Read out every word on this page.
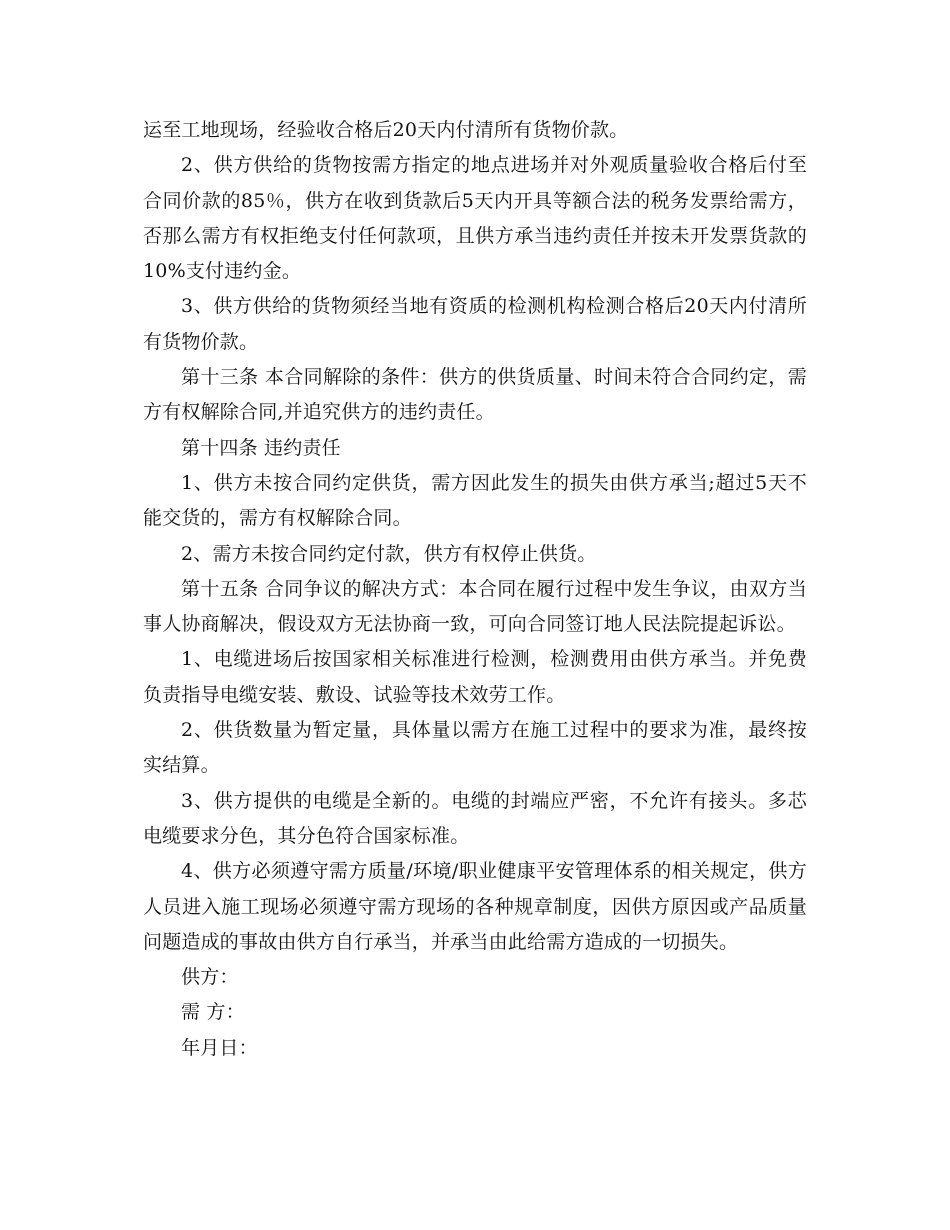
运至工地现场，经验收合格后20天内付清所有货物价款。

2、供方供给的货物按需方指定的地点进场并对外观质量验收合格后付至合同价款的85％，供方在收到货款后5天内开具等额合法的税务发票给需方，否那么需方有权拒绝支付任何款项，且供方承当违约责任并按未开发票货款的10%支付违约金。

3、供方供给的货物须经当地有资质的检测机构检测合格后20天内付清所有货物价款。

第十三条 本合同解除的条件：供方的供货质量、时间未符合合同约定，需方有权解除合同,并追究供方的违约责任。

第十四条 违约责任

1、供方未按合同约定供货，需方因此发生的损失由供方承当;超过5天不能交货的，需方有权解除合同。

2、需方未按合同约定付款，供方有权停止供货。

第十五条 合同争议的解决方式：本合同在履行过程中发生争议，由双方当事人协商解决，假设双方无法协商一致，可向合同签订地人民法院提起诉讼。

1、电缆进场后按国家相关标准进行检测，检测费用由供方承当。并免费负责指导电缆安装、敷设、试验等技术效劳工作。

2、供货数量为暂定量，具体量以需方在施工过程中的要求为准，最终按实结算。

3、供方提供的电缆是全新的。电缆的封端应严密，不允许有接头。多芯电缆要求分色，其分色符合国家标准。

4、供方必须遵守需方质量/环境/职业健康平安管理体系的相关规定，供方人员进入施工现场必须遵守需方现场的各种规章制度，因供方原因或产品质量问题造成的事故由供方自行承当，并承当由此给需方造成的一切损失。

供方：

需 方：

年月日：
